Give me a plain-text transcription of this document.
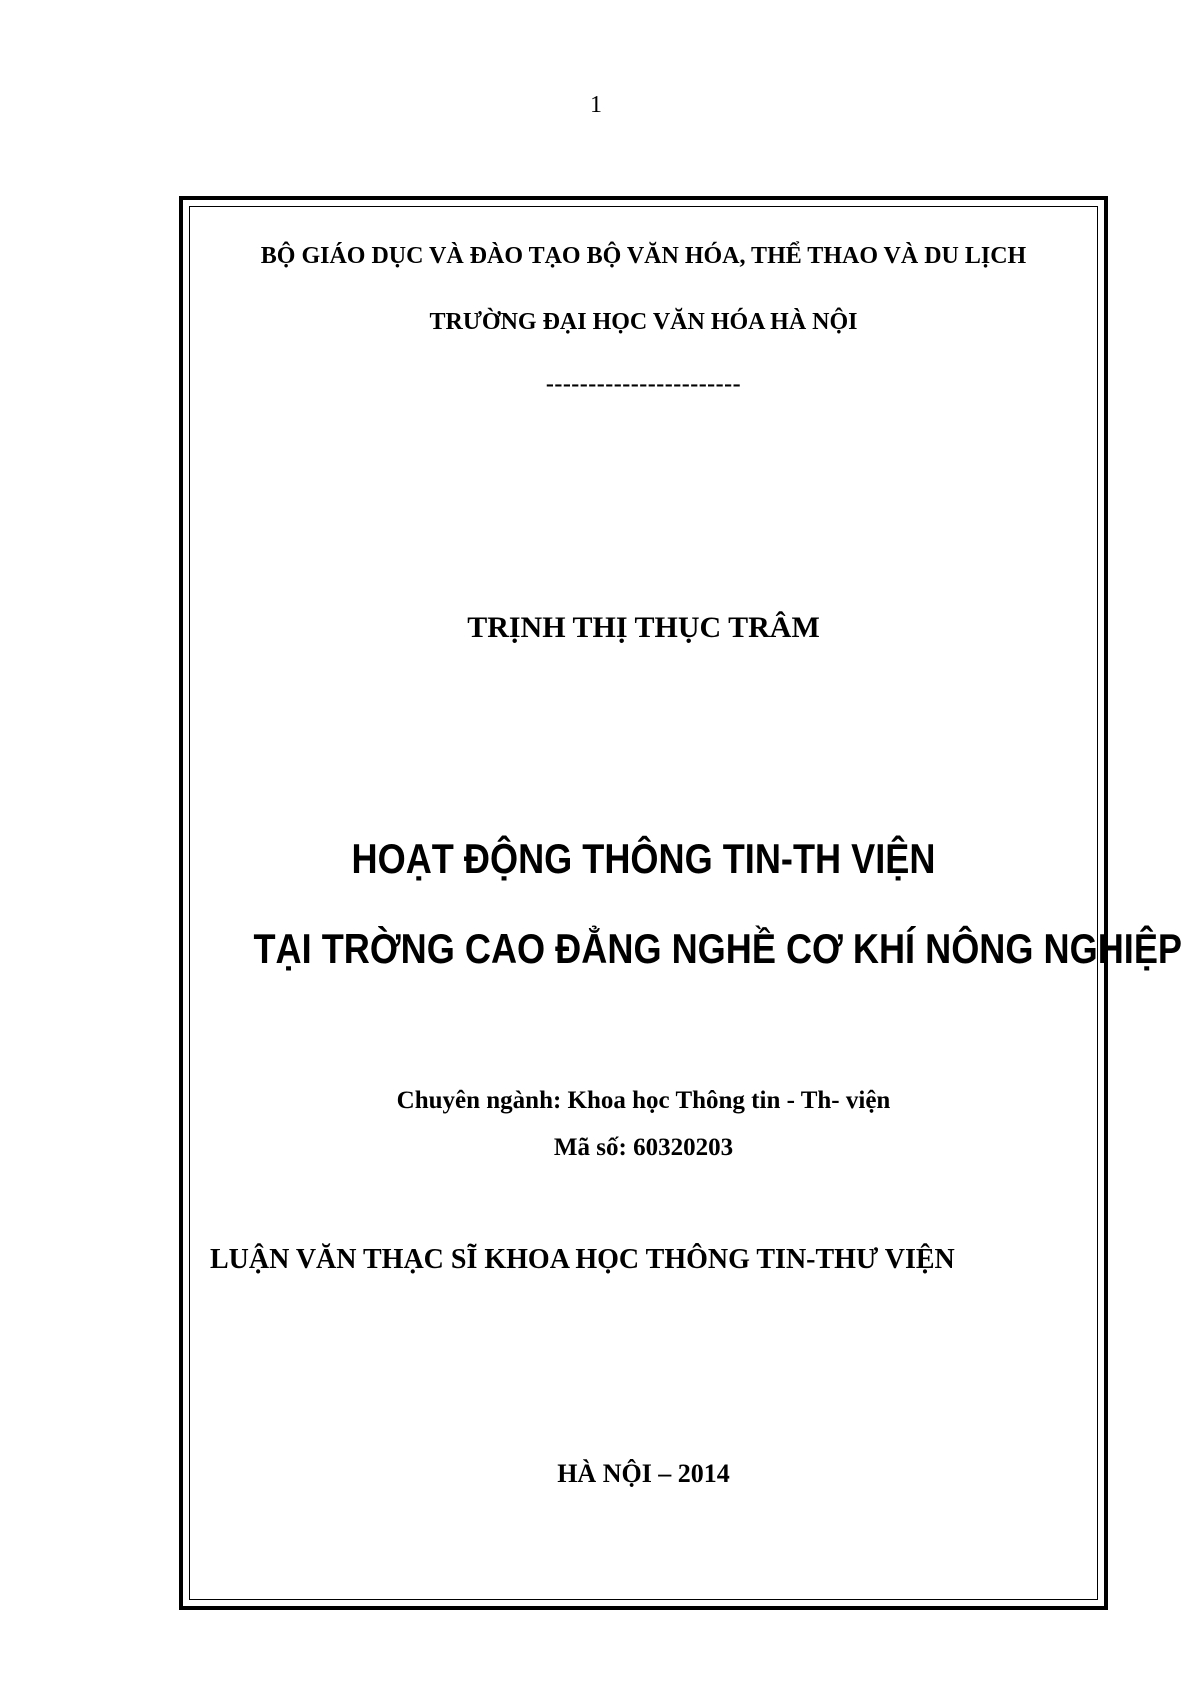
1
BỘ GIÁO DỤC VÀ ĐÀO TẠO BỘ VĂN HÓA, THỂ THAO VÀ DU LỊCH
TRƯỜNG ĐẠI HỌC VĂN HÓA HÀ NỘI
-----------------------
TRỊNH THỊ THỤC TRÂM
HOẠT ĐỘNG THÔNG TIN-TH VIỆN
TẠI TRỜNG CAO ĐẲNG NGHỀ CƠ KHÍ NÔNG NGHIỆP
Chuyên ngành: Khoa học Thông tin - Th- viện
Mã số: 60320203
LUẬN VĂN THẠC SĨ KHOA HỌC THÔNG TIN-THƯ VIỆN
HÀ NỘI – 2014
